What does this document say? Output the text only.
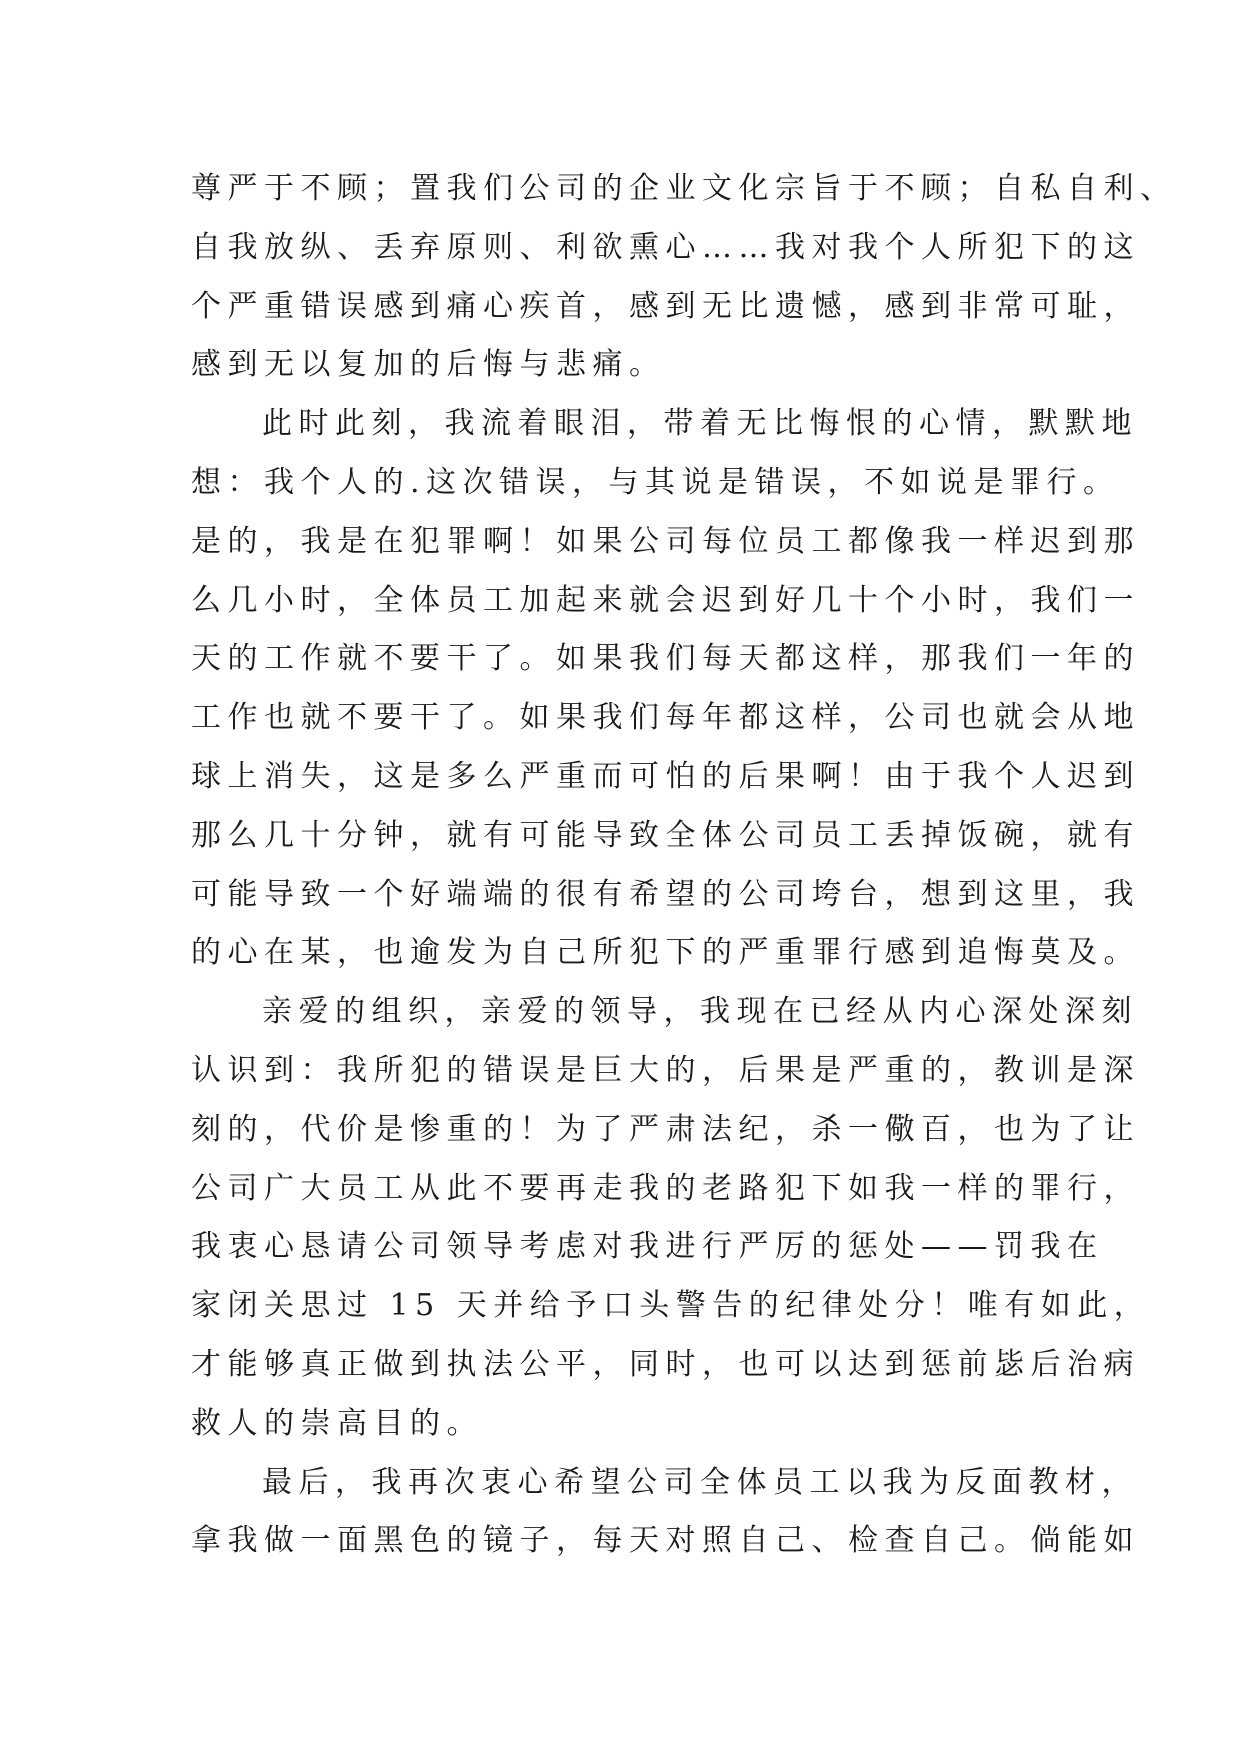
尊严于不顾；置我们公司的企业文化宗旨于不顾；自私自利、
自我放纵、丢弃原则、利欲熏心……我对我个人所犯下的这
个严重错误感到痛心疾首，感到无比遗憾，感到非常可耻，
感到无以复加的后悔与悲痛。
此时此刻，我流着眼泪，带着无比悔恨的心情，默默地
想：我个人的.这次错误，与其说是错误，不如说是罪行。
是的，我是在犯罪啊！如果公司每位员工都像我一样迟到那
么几小时，全体员工加起来就会迟到好几十个小时，我们一
天的工作就不要干了。如果我们每天都这样，那我们一年的
工作也就不要干了。如果我们每年都这样，公司也就会从地
球上消失，这是多么严重而可怕的后果啊！由于我个人迟到
那么几十分钟，就有可能导致全体公司员工丢掉饭碗，就有
可能导致一个好端端的很有希望的公司垮台，想到这里，我
的心在某，也逾发为自己所犯下的严重罪行感到追悔莫及。
亲爱的组织，亲爱的领导，我现在已经从内心深处深刻
认识到：我所犯的错误是巨大的，后果是严重的，教训是深
刻的，代价是惨重的！为了严肃法纪，杀一儆百，也为了让
公司广大员工从此不要再走我的老路犯下如我一样的罪行，
我衷心恳请公司领导考虑对我进行严厉的惩处——罚我在
家闭关思过 15 天并给予口头警告的纪律处分！唯有如此，
才能够真正做到执法公平，同时，也可以达到惩前毖后治病
救人的崇高目的。
最后，我再次衷心希望公司全体员工以我为反面教材，
拿我做一面黑色的镜子，每天对照自己、检查自己。倘能如
